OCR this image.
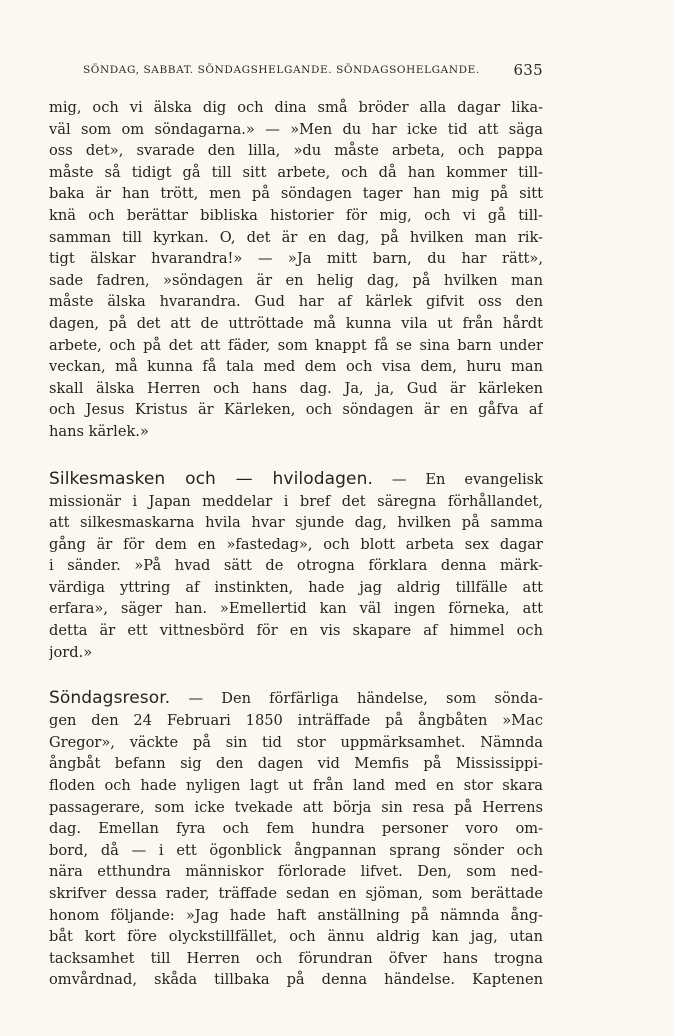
SÖNDAG, SABBAT. SÖNDAGSHELGANDE. SÖNDAGSOHELGANDE. 635
mig, och vi älska dig och dina små bröder alla dagar lika-
väl som om söndagarna.» — »Men du har icke tid att säga
oss det», svarade den lilla, »du måste arbeta, och pappa
måste så tidigt gå till sitt arbete, och då han kommer till-
baka är han trött, men på söndagen tager han mig på sitt
knä och berättar bibliska historier för mig, och vi gå till-
samman till kyrkan. O, det är en dag, på hvilken man rik-
tigt älskar hvarandra!» — »Ja mitt barn, du har rätt»,
sade fadren, »söndagen är en helig dag, på hvilken man
måste älska hvarandra. Gud har af kärlek gifvit oss den
dagen, på det att de uttröttade må kunna vila ut från hårdt
arbete, och på det att fäder, som knappt få se sina barn under
veckan, må kunna få tala med dem och visa dem, huru man
skall älska Herren och hans dag. Ja, ja, Gud är kärleken
och Jesus Kristus är Kärleken, och söndagen är en gåfva af
hans kärlek.»
Silkesmasken och — hvilodagen. — En evangelisk
missionär i Japan meddelar i bref det säregna förhållandet,
att silkesmaskarna hvila hvar sjunde dag, hvilken på samma
gång är för dem en »fastedag», och blott arbeta sex dagar
i sänder. »På hvad sätt de otrogna förklara denna märk-
värdiga yttring af instinkten, hade jag aldrig tillfälle att
erfara», säger han. »Emellertid kan väl ingen förneka, att
detta är ett vittnesbörd för en vis skapare af himmel och
jord.»
Söndagsresor. — Den förfärliga händelse, som sönda-
gen den 24 Februari 1850 inträffade på ångbåten »Mac
Gregor», väckte på sin tid stor uppmärksamhet. Nämnda
ångbåt befann sig den dagen vid Memfis på Mississippi-
floden och hade nyligen lagt ut från land med en stor skara
passagerare, som icke tvekade att börja sin resa på Herrens
dag. Emellan fyra och fem hundra personer voro om-
bord, då — i ett ögonblick ångpannan sprang sönder och
nära etthundra människor förlorade lifvet. Den, som ned-
skrifver dessa rader, träffade sedan en sjöman, som berättade
honom följande: »Jag hade haft anställning på nämnda ång-
båt kort före olyckstillfället, och ännu aldrig kan jag, utan
tacksamhet till Herren och förundran öfver hans trogna
omvårdnad, skåda tillbaka på denna händelse. Kaptenen
